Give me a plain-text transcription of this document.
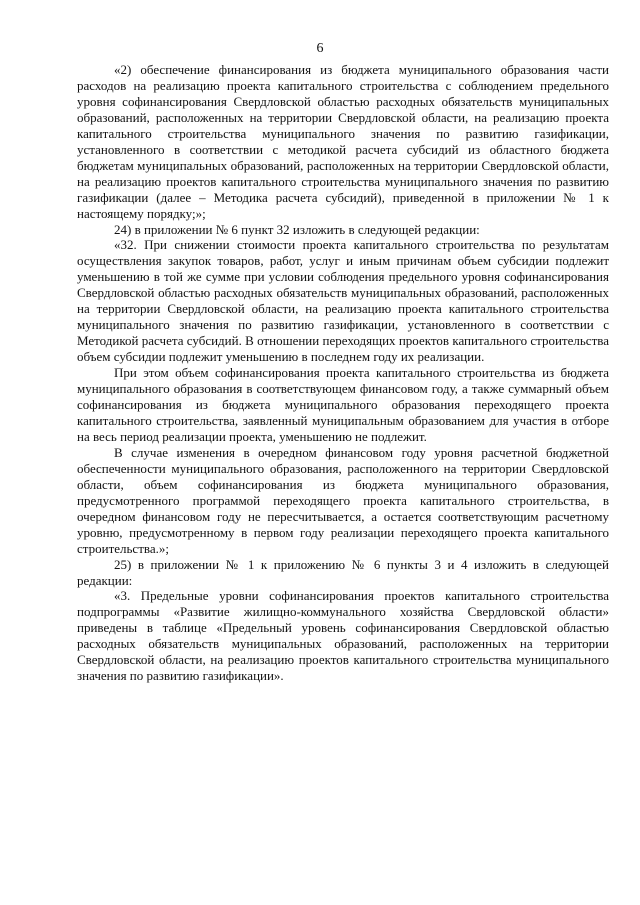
6

«2) обеспечение финансирования из бюджета муниципального образования части расходов на реализацию проекта капитального строительства с соблюдением предельного уровня софинансирования Свердловской областью расходных обязательств муниципальных образований, расположенных на территории Свердловской области, на реализацию проекта капитального строительства муниципального значения по развитию газификации, установленного в соответствии с методикой расчета субсидий из областного бюджета бюджетам муниципальных образований, расположенных на территории Свердловской области, на реализацию проектов капитального строительства муниципального значения по развитию газификации (далее – Методика расчета субсидий), приведенной в приложении № 1 к настоящему порядку;»;

24) в приложении № 6 пункт 32 изложить в следующей редакции:

«32. При снижении стоимости проекта капитального строительства по результатам осуществления закупок товаров, работ, услуг и иным причинам объем субсидии подлежит уменьшению в той же сумме при условии соблюдения предельного уровня софинансирования Свердловской областью расходных обязательств муниципальных образований, расположенных на территории Свердловской области, на реализацию проекта капитального строительства муниципального значения по развитию газификации, установленного в соответствии с Методикой расчета субсидий. В отношении переходящих проектов капитального строительства объем субсидии подлежит уменьшению в последнем году их реализации.

При этом объем софинансирования проекта капитального строительства из бюджета муниципального образования в соответствующем финансовом году, а также суммарный объем софинансирования из бюджета муниципального образования переходящего проекта капитального строительства, заявленный муниципальным образованием для участия в отборе на весь период реализации проекта, уменьшению не подлежит.

В случае изменения в очередном финансовом году уровня расчетной бюджетной обеспеченности муниципального образования, расположенного на территории Свердловской области, объем софинансирования из бюджета муниципального образования, предусмотренного программой переходящего проекта капитального строительства, в очередном финансовом году не пересчитывается, а остается соответствующим расчетному уровню, предусмотренному в первом году реализации переходящего проекта капитального строительства.»;

25) в приложении № 1 к приложению № 6 пункты 3 и 4 изложить в следующей редакции:

«3. Предельные уровни софинансирования проектов капитального строительства подпрограммы «Развитие жилищно-коммунального хозяйства Свердловской области» приведены в таблице «Предельный уровень софинансирования Свердловской областью расходных обязательств муниципальных образований, расположенных на территории Свердловской области, на реализацию проектов капитального строительства муниципального значения по развитию газификации».
